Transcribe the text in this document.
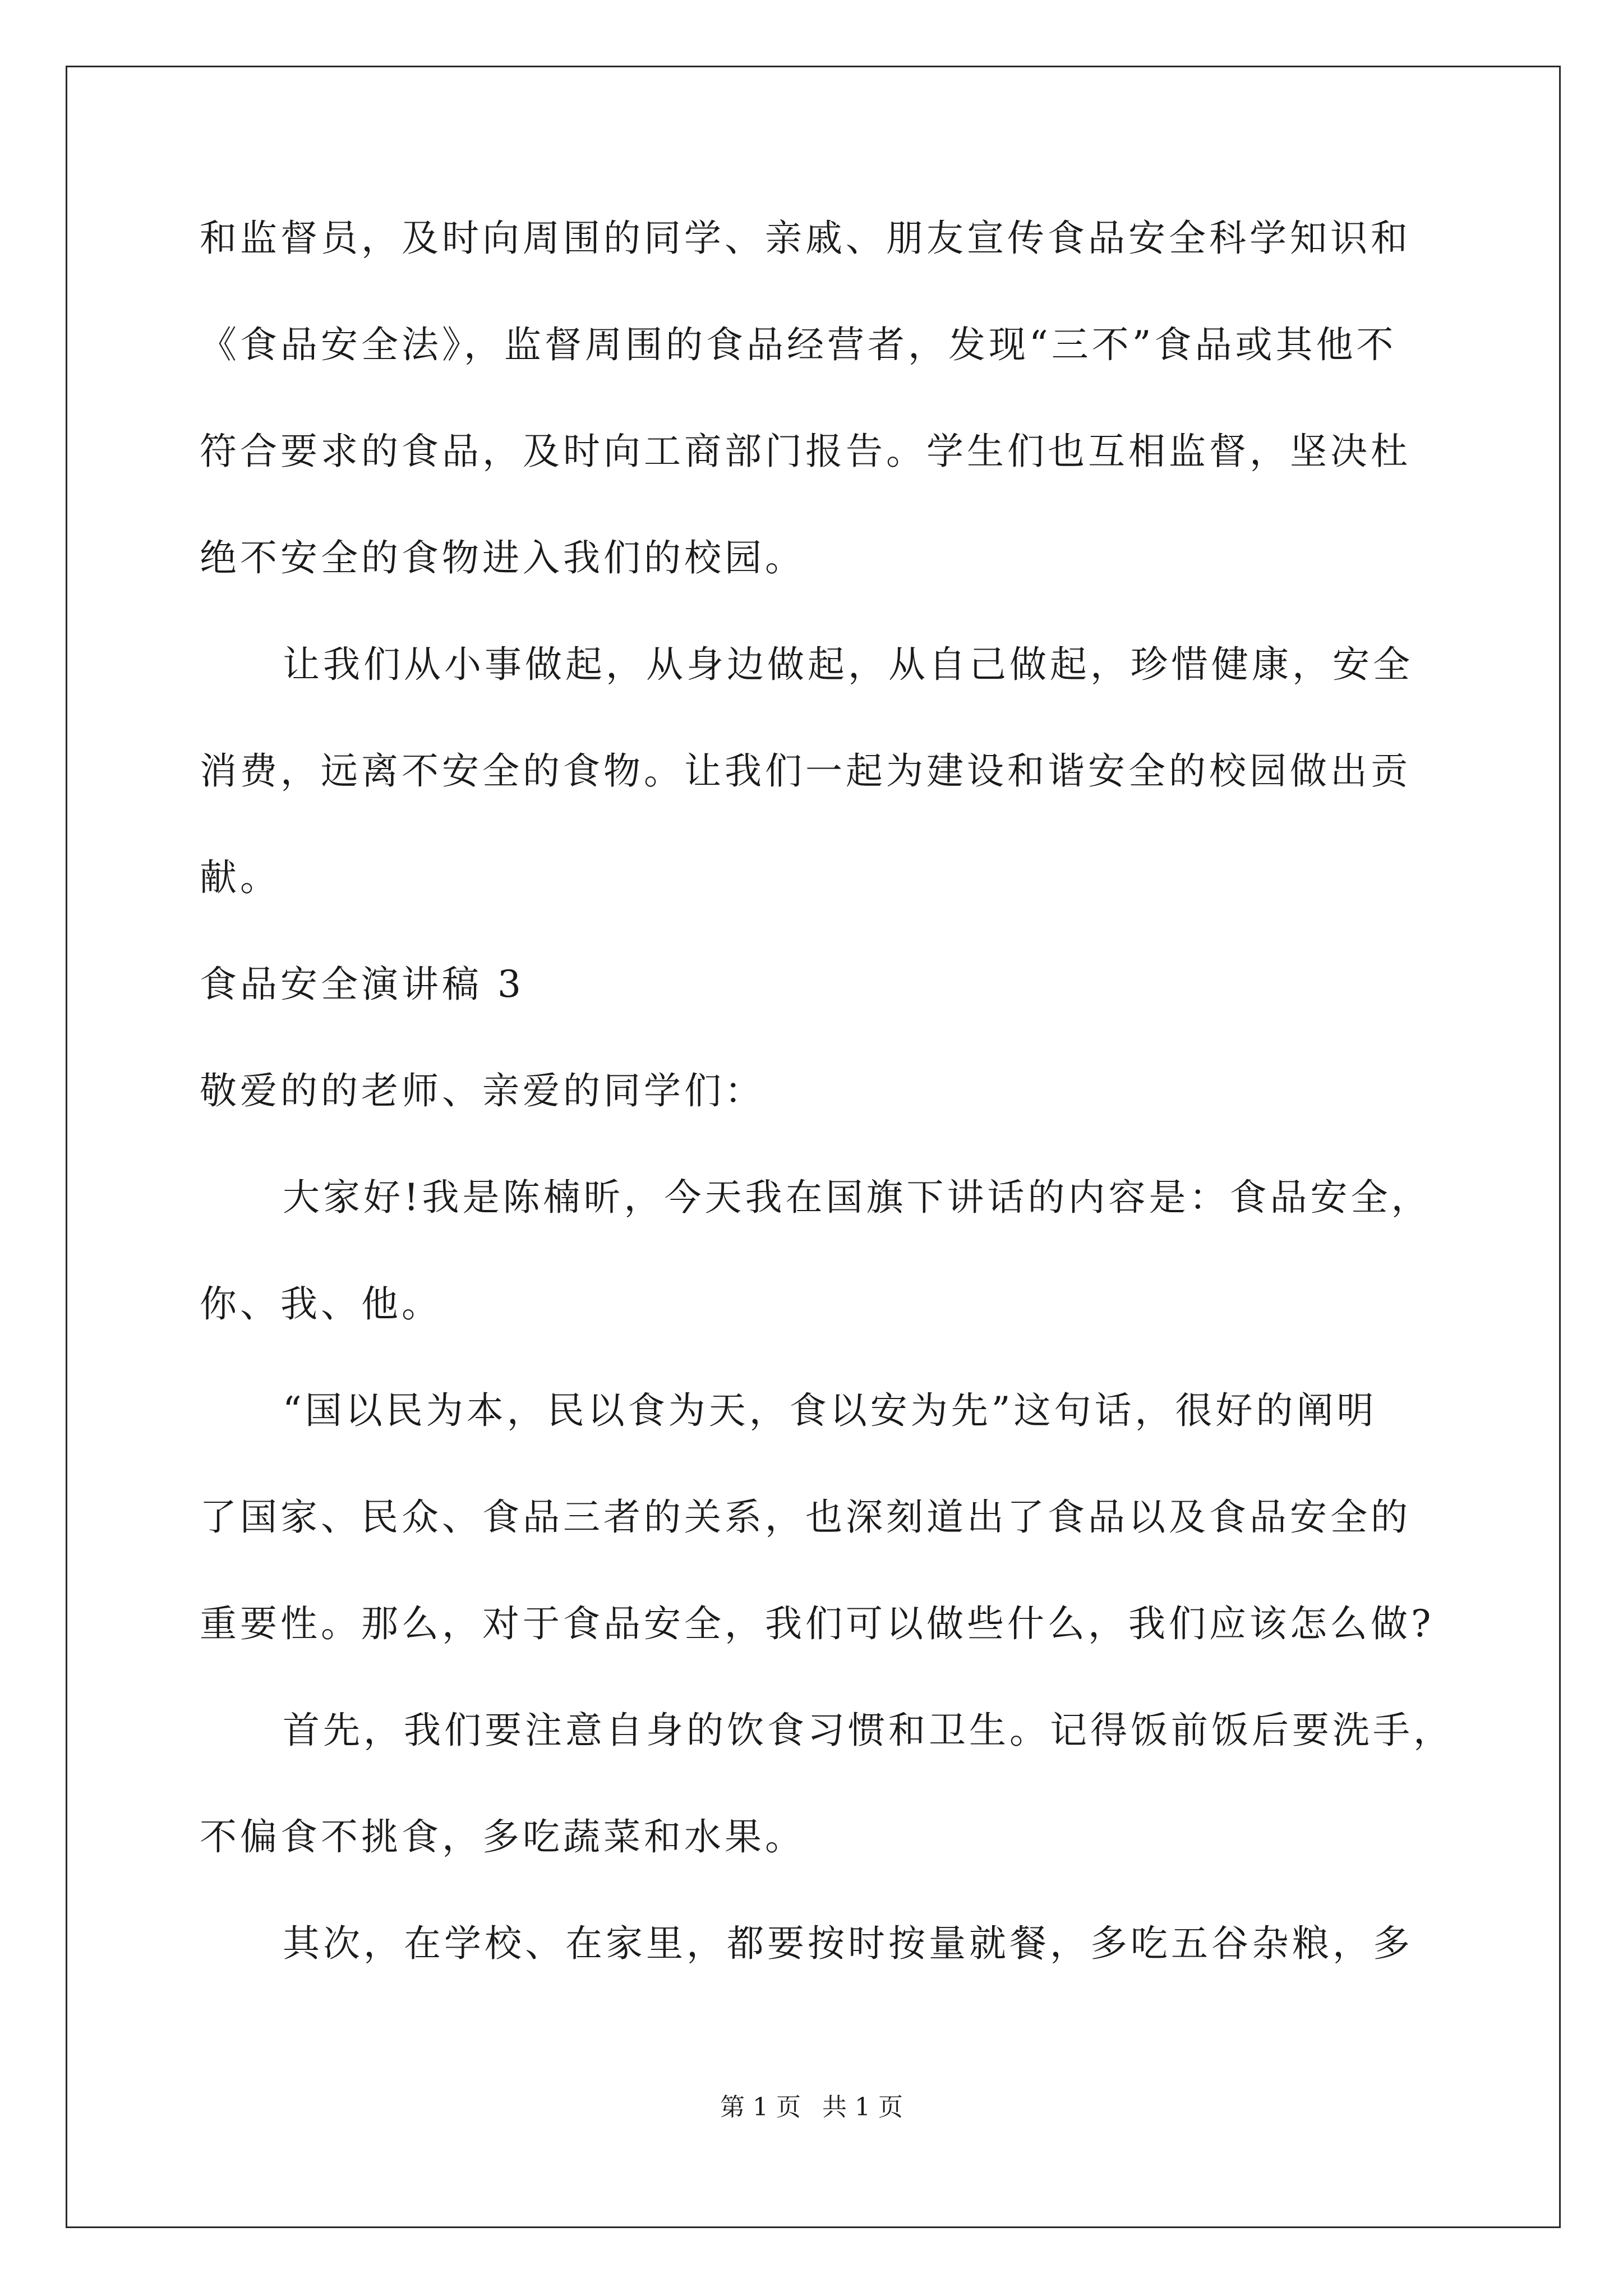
和监督员，及时向周围的同学、亲戚、朋友宣传食品安全科学知识和
《食品安全法》，监督周围的食品经营者，发现“三不”食品或其他不
符合要求的食品，及时向工商部门报告。学生们也互相监督，坚决杜
绝不安全的食物进入我们的校园。
让我们从小事做起，从身边做起，从自己做起，珍惜健康，安全
消费，远离不安全的食物。让我们一起为建设和谐安全的校园做出贡
献。
食品安全演讲稿 3
敬爱的的老师、亲爱的同学们：
大家好!我是陈楠昕，今天我在国旗下讲话的内容是：食品安全，
你、我、他。
“国以民为本，民以食为天，食以安为先”这句话，很好的阐明
了国家、民众、食品三者的关系，也深刻道出了食品以及食品安全的
重要性。那么，对于食品安全，我们可以做些什么，我们应该怎么做?
首先，我们要注意自身的饮食习惯和卫生。记得饭前饭后要洗手，
不偏食不挑食，多吃蔬菜和水果。
其次，在学校、在家里，都要按时按量就餐，多吃五谷杂粮，多
第 1 页 共 1 页
